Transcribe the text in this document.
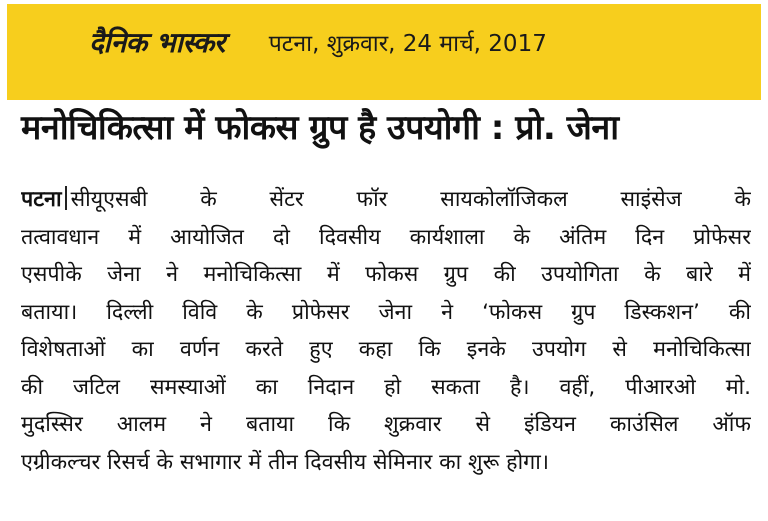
दैनिक भास्कर पटना, शुक्रवार, 24 मार्च, 2017
मनोचिकित्सा में फोकस ग्रुप है उपयोगी : प्रो. जेना
पटना सीयूएसबी के सेंटर फॉर सायकोलॉजिकल साइंसेज के
तत्वावधान में आयोजित दो दिवसीय कार्यशाला के अंतिम दिन प्रोफेसर
एसपीके जेना ने मनोचिकित्सा में फोकस ग्रुप की उपयोगिता के बारे में
बताया। दिल्ली विवि के प्रोफेसर जेना ने ‘फोकस ग्रुप डिस्कशन’ की
विशेषताओं का वर्णन करते हुए कहा कि इनके उपयोग से मनोचिकित्सा
की जटिल समस्याओं का निदान हो सकता है। वहीं, पीआरओ मो.
मुदस्सिर आलम ने बताया कि शुक्रवार से इंडियन काउंसिल ऑफ
एग्रीकल्चर रिसर्च के सभागार में तीन दिवसीय सेमिनार का शुरू होगा।
